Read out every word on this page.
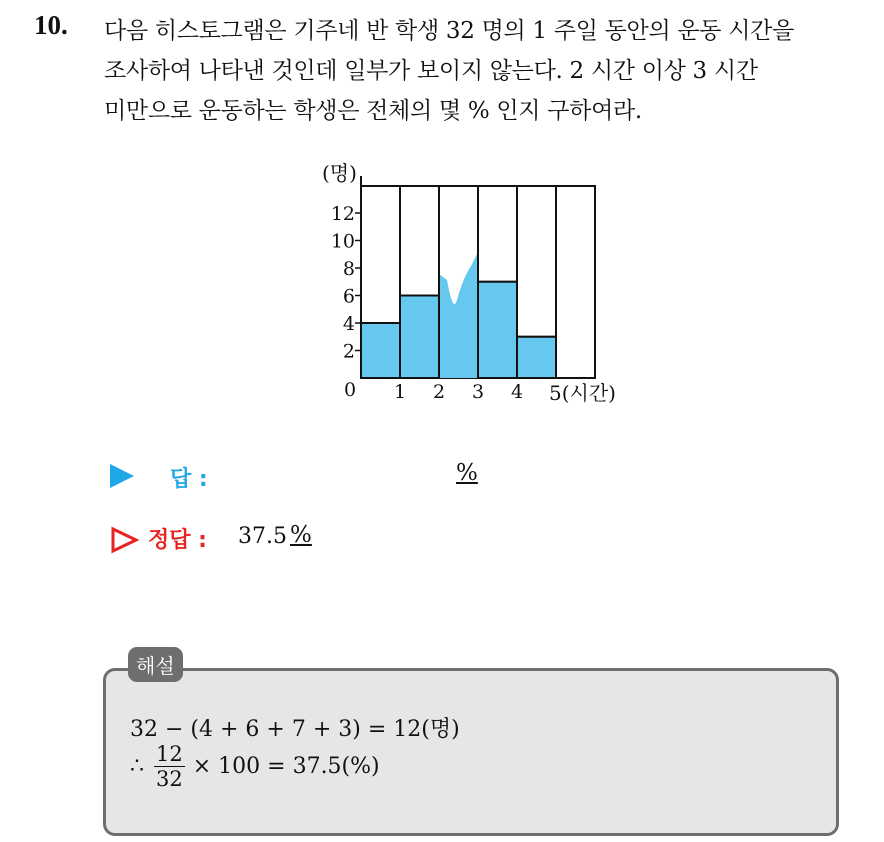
10. 다음 히스토그램은 기주네 반 학생 32 명의 1 주일 동안의 운동 시간을
조사하여 나타낸 것인데 일부가 보이지 않는다. 2 시간 이상 3 시간
미만으로 운동하는 학생은 전체의 몇 % 인지 구하여라.
2
4
6
8
10
12
(명)
0 1 2 3 4 5(시간)
답 :	%
정답 : 37.5 %
해설
32 − (4 + 6 + 7 + 3) = 12(명)
∴ $\frac{12}{32} \times 100 = 37.5(\%)$
